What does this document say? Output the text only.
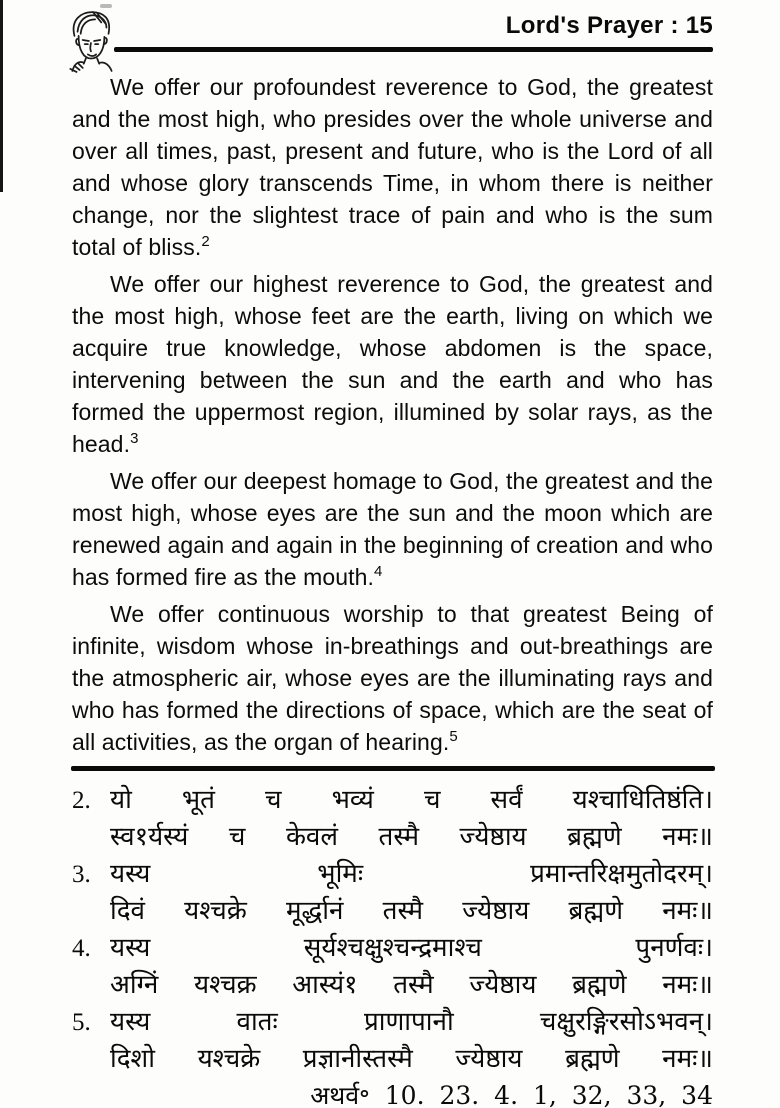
Lord's Prayer : 15

We offer our profoundest reverence to God, the greatest and the most high, who presides over the whole universe and over all times, past, present and future, who is the Lord of all and whose glory transcends Time, in whom there is neither change, nor the slightest trace of pain and who is the sum total of bliss.$^2$

We offer our highest reverence to God, the greatest and the most high, whose feet are the earth, living on which we acquire true knowledge, whose abdomen is the space, intervening between the sun and the earth and who has formed the uppermost region, illumined by solar rays, as the head.$^3$

We offer our deepest homage to God, the greatest and the most high, whose eyes are the sun and the moon which are renewed again and again in the beginning of creation and who has formed fire as the mouth.$^4$

We offer continuous worship to that greatest Being of infinite, wisdom whose in-breathings and out-breathings are the atmospheric air, whose eyes are the illuminating rays and who has formed the directions of space, which are the seat of all activities, as the organ of hearing.$^5$

2. यो भूतं च भव्यं च सर्वं यश्चाधितिष्ठंति।
स्व१र्यस्यं च केवलं तस्मै ज्येष्ठाय ब्रह्मणे नमः॥
3. यस्य भूमिः प्रमान्तरिक्षमुतोदरम्।
दिवं यश्चक्रे मूर्द्धानं तस्मै ज्येष्ठाय ब्रह्मणे नमः॥
4. यस्य सूर्यश्चक्षुश्चन्द्रमाश्च पुनर्णवः।
अग्निं यश्चक्र आस्यं१ तस्मै ज्येष्ठाय ब्रह्मणे नमः॥
5. यस्य वातः प्राणापानौ चक्षुरङ्गिरसोऽभवन्।
दिशो यश्चक्रे प्रज्ञानीस्तस्मै ज्येष्ठाय ब्रह्मणे नमः॥
अथर्व॰ 10. 23. 4. 1, 32, 33, 34
